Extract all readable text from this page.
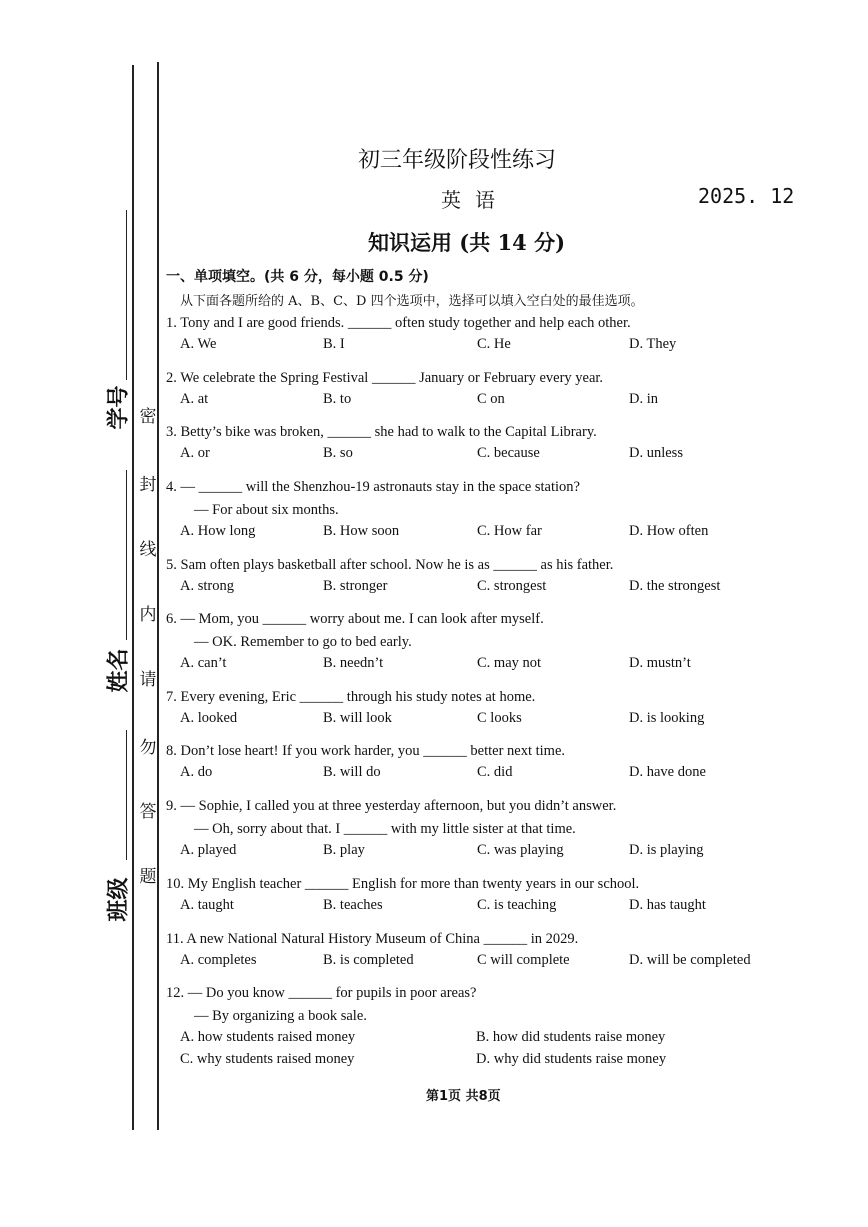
学号
姓名
班级
密
封
线
内
请
勿
答
题
初三年级阶段性练习
英语	2025. 12
知识运用 (共 14 分)
一、单项填空。(共 6 分，每小题 0.5 分)
从下面各题所给的 A、B、C、D 四个选项中，选择可以填入空白处的最佳选项。
1. Tony and I are good friends. ______ often study together and help each other.
A. We	B. I	C. He	D. They
2. We celebrate the Spring Festival ______ January or February every year.
A. at	B. to	C on	D. in
3. Betty’s bike was broken, ______ she had to walk to the Capital Library.
A. or	B. so	C. because	D. unless
4. — ______ will the Shenzhou-19 astronauts stay in the space station?
— For about six months.
A. How long	B. How soon	C. How far	D. How often
5. Sam often plays basketball after school. Now he is as ______ as his father.
A. strong	B. stronger	C. strongest	D. the strongest
6. — Mom, you ______ worry about me. I can look after myself.
— OK. Remember to go to bed early.
A. can’t	B. needn’t	C. may not	D. mustn’t
7. Every evening, Eric ______ through his study notes at home.
A. looked	B. will look	C looks	D. is looking
8. Don’t lose heart! If you work harder, you ______ better next time.
A. do	B. will do	C. did	D. have done
9. — Sophie, I called you at three yesterday afternoon, but you didn’t answer.
— Oh, sorry about that. I ______ with my little sister at that time.
A. played	B. play	C. was playing	D. is playing
10. My English teacher ______ English for more than twenty years in our school.
A. taught	B. teaches	C. is teaching	D. has taught
11. A new National Natural History Museum of China ______ in 2029.
A. completes	B. is completed	C will complete	D. will be completed
12. — Do you know ______ for pupils in poor areas?
— By organizing a book sale.
A. how students raised money	B. how did students raise money
C. why students raised money	D. why did students raise money
第1页 共8页
